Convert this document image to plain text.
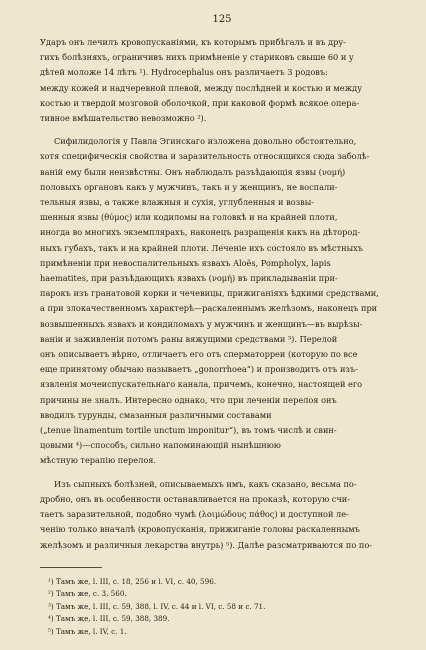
125
Ударъ онъ лечилъ кровопусканіями, къ которымъ прибѣгалъ и въ дру-
гихъ болѣзняхъ, ограничивъ нихъ примѣненіе у стариковъ свыше 60 и у
дѣтей моложе 14 лѣтъ ¹). Hydrocephalus онъ различаетъ 3 родовъ:
между кожей и надчеревной плевой, между послѣдней и костью и между
костью и твердой мозговой оболочкой, при каковой формѣ всякое опера-
тивное вмѣшательство невозможно ²).
Сифилидологія у Павла Эгинскаго изложена довольно обстоятельно,
хотя специфическія свойства и заразительность относящихся сюда заболѣ-
ваній ему были неизвѣстны. Онъ наблюдалъ разъѣдающія язвы (νομή)
половыхъ органовъ какъ у мужчинъ, такъ и у женщинъ, не воспали-
тельныя язвы, а также влажныя и сухія, углубленныя и возвы-
шенныя язвы (θύμος) или кодиломы на головкѣ и на крайней плоти,
иногда во многихъ экземплярахъ, наконецъ разращенія какъ на дѣтород-
ныхъ губахъ, такъ и на крайней плоти. Леченіе ихъ состояло въ мѣстныхъ
примѣненіи при невоспалительныхъ язвахъ Aloës, Pompholyx, lapis
haematites, при разъѣдающихъ язвахъ (νομή) въ прикладываніи при-
парокъ изъ гранатовой корки и чечевицы, прижиганіяхъ ѣдкими средствами,
а при злокачественномъ характерѣ—раскаленнымъ желѣзомъ, наконецъ при
возвышенныхъ язвахъ и кондиломахъ у мужчинъ и женщинъ—въ вырѣзы-
ваніи и заживленіи потомъ раны вяжущими средствами ³). Перелой
онъ описываетъ вѣрно, отличаетъ его отъ сперматорреи (которую по все
еще принятому обычаю называетъ „gonorrhoea“) и производитъ отъ изъ-
язвленія мочеиспускательнаго канала, причемъ, конечно, настоящей его
причины не зналъ. Интересно однако, что при леченіи перелоя онъ
вводилъ турунды, смазанныя различными составами
(„tenue linamentum tortile unctum imponitur“), въ томъ числѣ и свин-
цовыми ⁴)—способъ, сильно напоминающій нынѣшнюю
мѣстную терапію перелоя.
Изъ сыпныхъ болѣзней, описываемыхъ имъ, какъ сказано, весьма по-
дробно, онъ въ особенности останавливается на проказѣ, которую счи-
таетъ заразительной, подобно чумѣ (λοιμώδους πάθος) и доступной ле-
ченію только вначалѣ (кровопусканія, прижиганіе головы раскаленнымъ
желѣзомъ и различныя лекарства внутрь) ⁵). Далѣе разсматриваются по по-
¹) Тамъ же, l. III, c. 18, 256 и l. VI, c. 40, 596.
²) Тамъ же, c. 3, 560.
³) Тамъ же, l. III, c. 59, 388, l. IV, c. 44 и l. VI, c. 58 и c. 71.
⁴) Тамъ же, l. III, c. 59, 388, 389.
⁵) Тамъ же, l. IV, c. 1.
